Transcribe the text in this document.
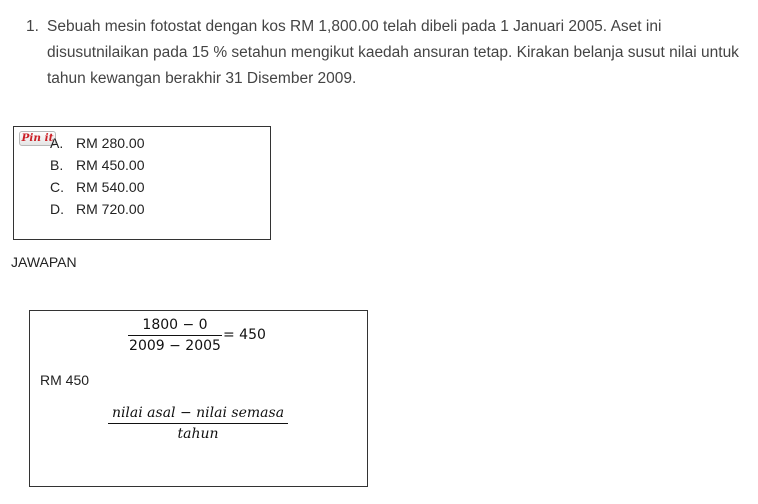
1. Sebuah mesin fotostat dengan kos RM 1,800.00 telah dibeli pada 1 Januari 2005. Aset ini disusutnilaikan pada 15 % setahun mengikut kaedah ansuran tetap. Kirakan belanja susut nilai untuk tahun kewangan berakhir 31 Disember 2009.
Pin it
A. RM 280.00
B. RM 450.00
C. RM 540.00
D. RM 720.00
JAWAPAN
1800 − 0
2009 − 2005
= 450
RM 450
nilai asal − nilai semasa
tahun
